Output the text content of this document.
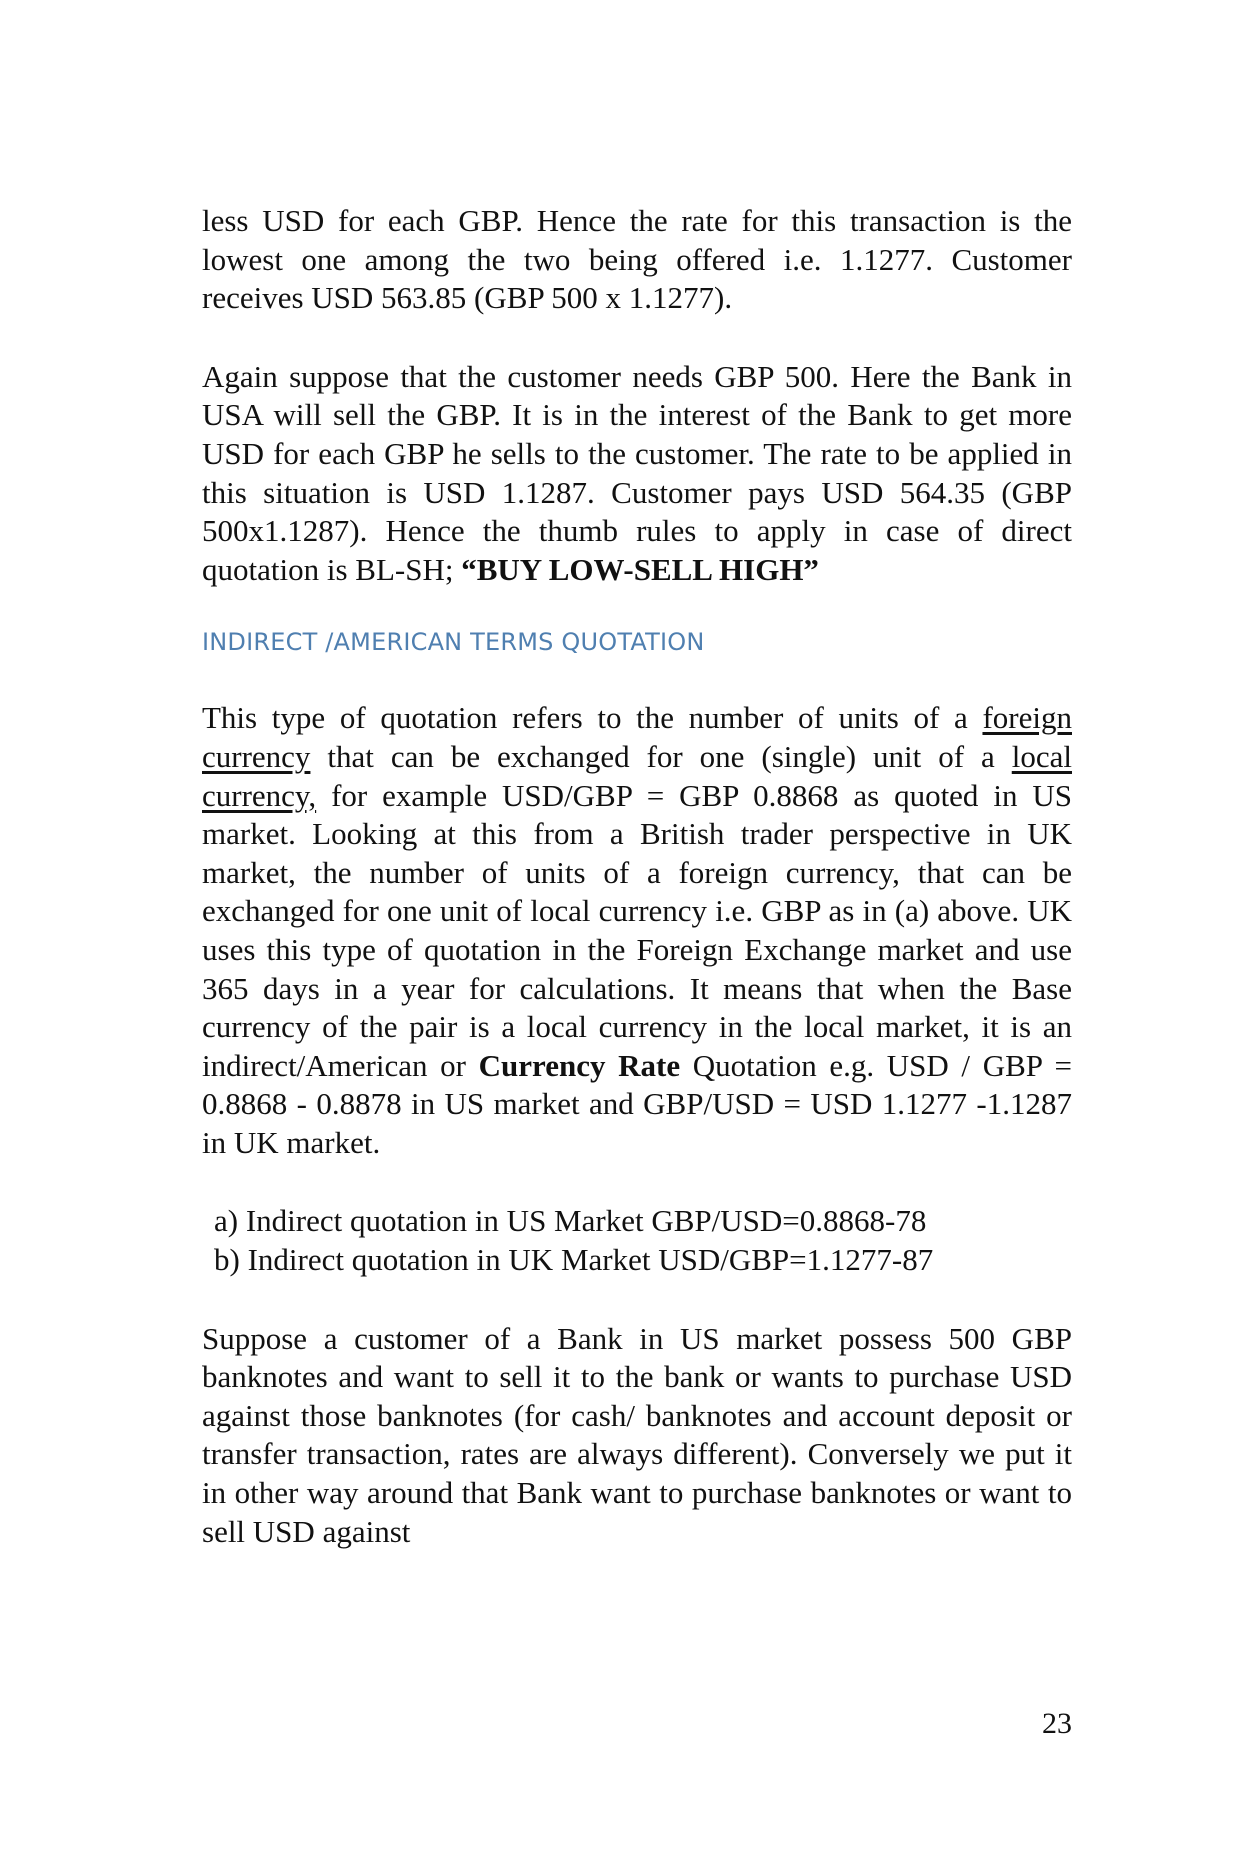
less USD for each GBP. Hence the rate for this transaction is the lowest one among the two being offered i.e. 1.1277. Customer receives USD 563.85 (GBP 500 x 1.1277).

Again suppose that the customer needs GBP 500. Here the Bank in USA will sell the GBP. It is in the interest of the Bank to get more USD for each GBP he sells to the customer. The rate to be applied in this situation is USD 1.1287. Customer pays USD 564.35 (GBP 500x1.1287). Hence the thumb rules to apply in case of direct quotation is BL-SH; “BUY LOW-SELL HIGH”

INDIRECT /AMERICAN TERMS QUOTATION

This type of quotation refers to the number of units of a foreign currency that can be exchanged for one (single) unit of a local currency, for example USD/GBP = GBP 0.8868 as quoted in US market. Looking at this from a British trader perspective in UK market, the number of units of a foreign currency, that can be exchanged for one unit of local currency i.e. GBP as in (a) above. UK uses this type of quotation in the Foreign Exchange market and use 365 days in a year for calculations. It means that when the Base currency of the pair is a local currency in the local market, it is an indirect/American or Currency Rate Quotation e.g. USD / GBP = 0.8868 - 0.8878 in US market and GBP/USD = USD 1.1277 -1.1287 in UK market.

a) Indirect quotation in US Market GBP/USD=0.8868-78
b) Indirect quotation in UK Market USD/GBP=1.1277-87

Suppose a customer of a Bank in US market possess 500 GBP banknotes and want to sell it to the bank or wants to purchase USD against those banknotes (for cash/ banknotes and account deposit or transfer transaction, rates are always different). Conversely we put it in other way around that Bank want to purchase banknotes or want to sell USD against

23
